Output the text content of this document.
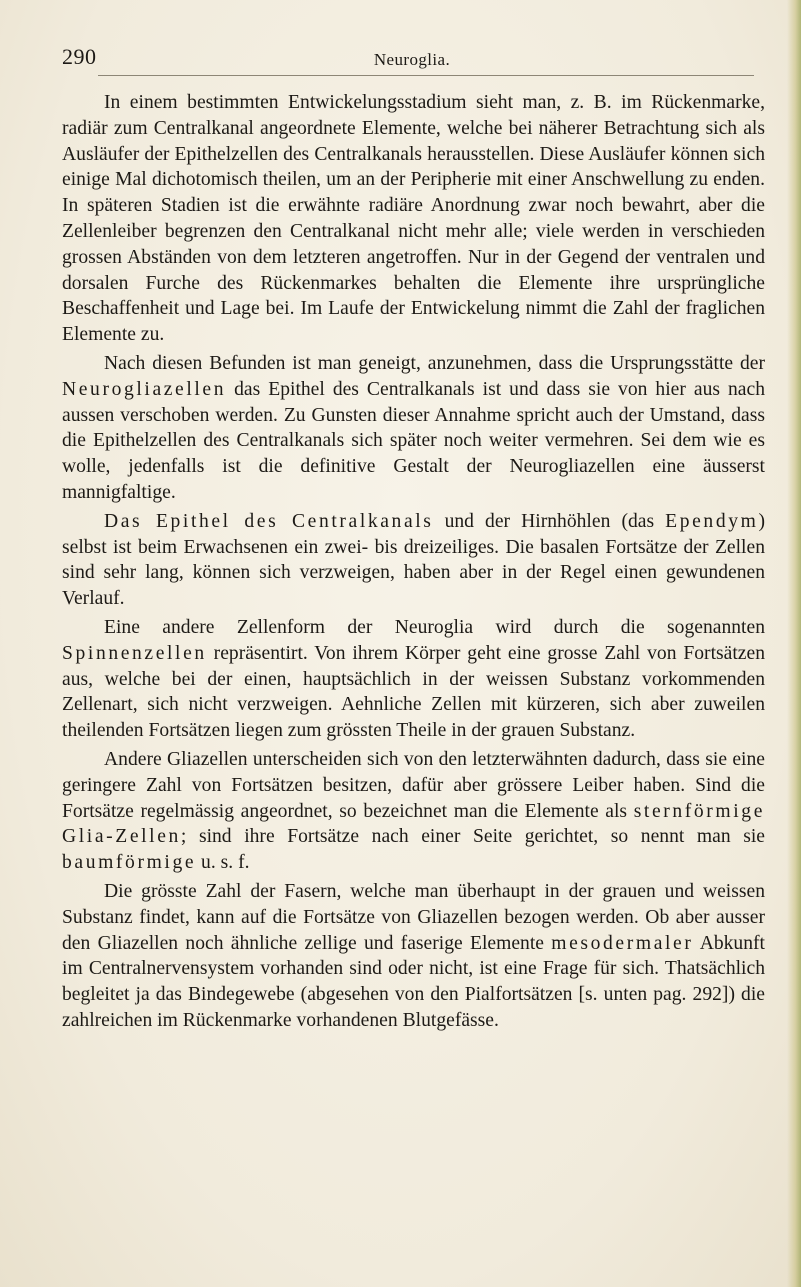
290	Neuroglia.

In einem bestimmten Entwickelungsstadium sieht man, z. B. im Rückenmarke, radiär zum Centralkanal angeordnete Elemente, welche bei näherer Betrachtung sich als Ausläufer der Epithelzellen des Centralkanals herausstellen. Diese Ausläufer können sich einige Mal dichotomisch theilen, um an der Peripherie mit einer Anschwellung zu enden. In späteren Stadien ist die erwähnte radiäre Anordnung zwar noch bewahrt, aber die Zellenleiber begrenzen den Centralkanal nicht mehr alle; viele werden in verschieden grossen Abständen von dem letzteren angetroffen. Nur in der Gegend der ventralen und dorsalen Furche des Rückenmarkes behalten die Elemente ihre ursprüngliche Beschaffenheit und Lage bei. Im Laufe der Entwickelung nimmt die Zahl der fraglichen Elemente zu.

Nach diesen Befunden ist man geneigt, anzunehmen, dass die Ursprungsstätte der Neurogliazellen das Epithel des Centralkanals ist und dass sie von hier aus nach aussen verschoben werden. Zu Gunsten dieser Annahme spricht auch der Umstand, dass die Epithelzellen des Centralkanals sich später noch weiter vermehren. Sei dem wie es wolle, jedenfalls ist die definitive Gestalt der Neurogliazellen eine äusserst mannigfaltige.

Das Epithel des Centralkanals und der Hirnhöhlen (das Ependym) selbst ist beim Erwachsenen ein zwei- bis dreizeiliges. Die basalen Fortsätze der Zellen sind sehr lang, können sich verzweigen, haben aber in der Regel einen gewundenen Verlauf.

Eine andere Zellenform der Neuroglia wird durch die sogenannten Spinnenzellen repräsentirt. Von ihrem Körper geht eine grosse Zahl von Fortsätzen aus, welche bei der einen, hauptsächlich in der weissen Substanz vorkommenden Zellenart, sich nicht verzweigen. Aehnliche Zellen mit kürzeren, sich aber zuweilen theilenden Fortsätzen liegen zum grössten Theile in der grauen Substanz.

Andere Gliazellen unterscheiden sich von den letzterwähnten dadurch, dass sie eine geringere Zahl von Fortsätzen besitzen, dafür aber grössere Leiber haben. Sind die Fortsätze regelmässig angeordnet, so bezeichnet man die Elemente als sternförmige Glia-Zellen; sind ihre Fortsätze nach einer Seite gerichtet, so nennt man sie baumförmige u. s. f.

Die grösste Zahl der Fasern, welche man überhaupt in der grauen und weissen Substanz findet, kann auf die Fortsätze von Gliazellen bezogen werden. Ob aber ausser den Gliazellen noch ähnliche zellige und faserige Elemente mesodermaler Abkunft im Centralnervensystem vorhanden sind oder nicht, ist eine Frage für sich. Thatsächlich begleitet ja das Bindegewebe (abgesehen von den Pialfortsätzen [s. unten pag. 292]) die zahlreichen im Rückenmarke vorhandenen Blutgefässe.
